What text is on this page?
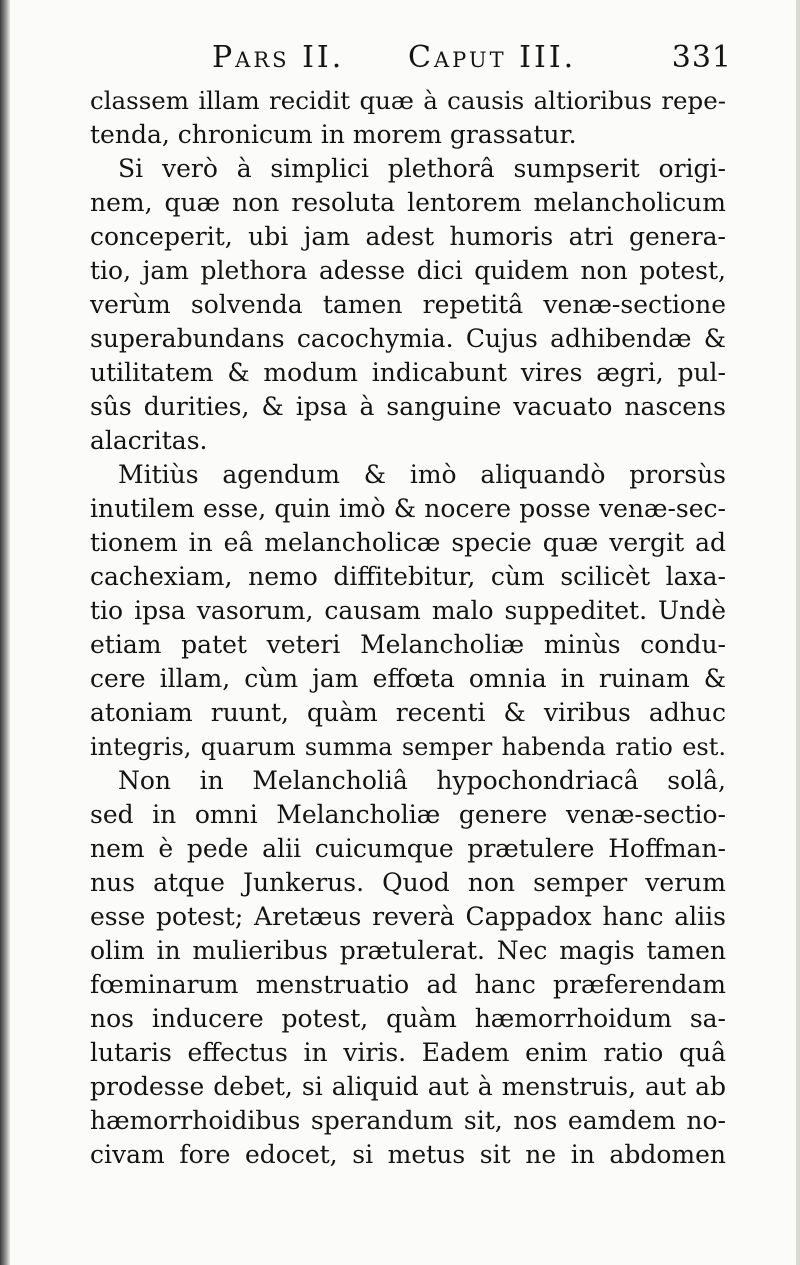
Pars II. Caput III.	331
classem illam recidit quæ à causis altioribus repe-
tenda, chronicum in morem grassatur.
Si verò à simplici plethorâ sumpserit origi-
nem, quæ non resoluta lentorem melancholicum
conceperit, ubi jam adest humoris atri genera-
tio, jam plethora adesse dici quidem non potest,
verùm solvenda tamen repetitâ venæ-sectione
superabundans cacochymia. Cujus adhibendæ &
utilitatem & modum indicabunt vires ægri, pul-
sûs durities, & ipsa à sanguine vacuato nascens
alacritas.
Mitiùs agendum & imò aliquandò prorsùs
inutilem esse, quin imò & nocere posse venæ-sec-
tionem in eâ melancholicæ specie quæ vergit ad
cachexiam, nemo diffitebitur, cùm scilicèt laxa-
tio ipsa vasorum, causam malo suppeditet. Undè
etiam patet veteri Melancholiæ minùs condu-
cere illam, cùm jam effœta omnia in ruinam &
atoniam ruunt, quàm recenti & viribus adhuc
integris, quarum summa semper habenda ratio est.
Non in Melancholiâ hypochondriacâ solâ,
sed in omni Melancholiæ genere venæ-sectio-
nem è pede alii cuicumque prætulere Hoffman-
nus atque Junkerus. Quod non semper verum
esse potest; Aretæus reverà Cappadox hanc aliis
olim in mulieribus prætulerat. Nec magis tamen
fœminarum menstruatio ad hanc præferendam
nos inducere potest, quàm hæmorrhoidum sa-
lutaris effectus in viris. Eadem enim ratio quâ
prodesse debet, si aliquid aut à menstruis, aut ab
hæmorrhoidibus sperandum sit, nos eamdem no-
civam fore edocet, si metus sit ne in abdomen
